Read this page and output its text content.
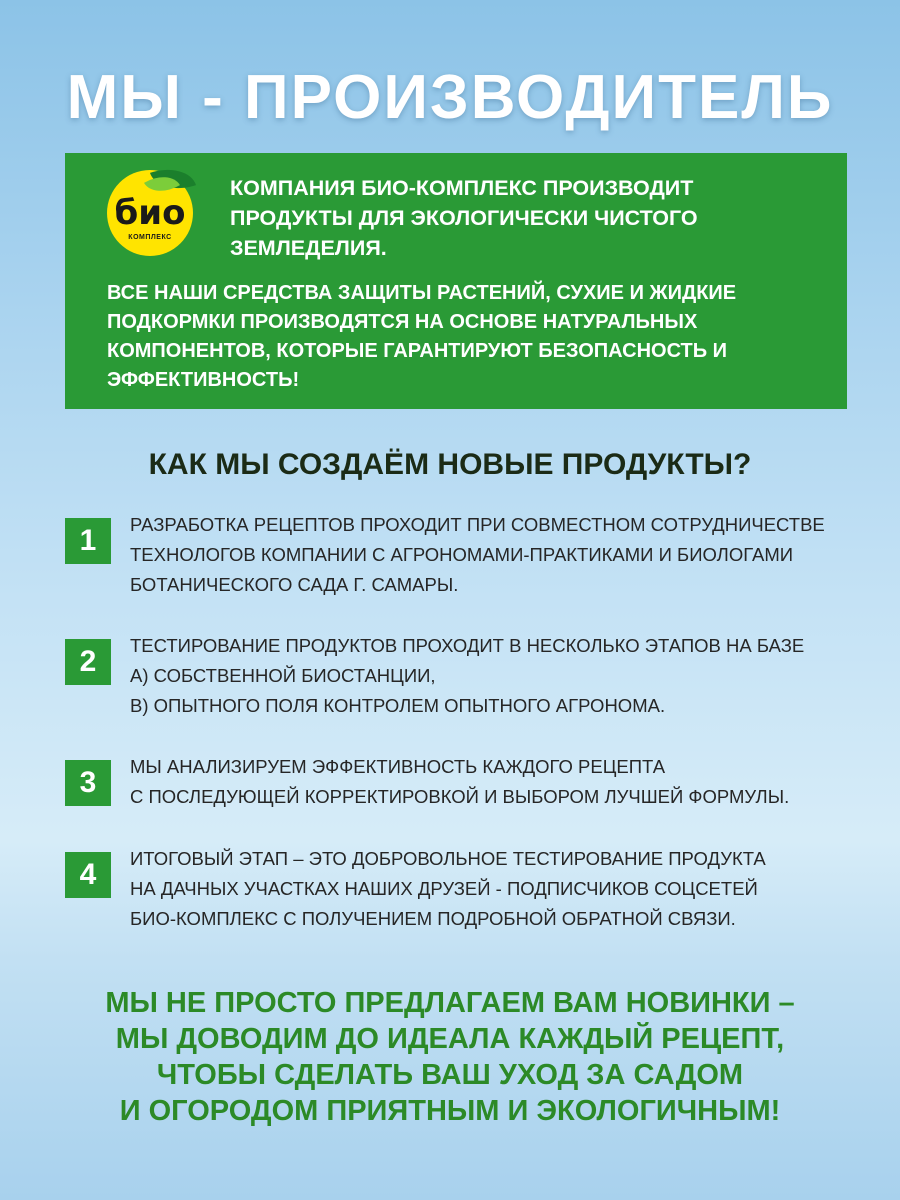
МЫ - ПРОИЗВОДИТЕЛЬ
био
КОМПЛЕКС
КОМПАНИЯ БИО-КОМПЛЕКС ПРОИЗВОДИТ
ПРОДУКТЫ ДЛЯ ЭКОЛОГИЧЕСКИ ЧИСТОГО
ЗЕМЛЕДЕЛИЯ.
ВСЕ НАШИ СРЕДСТВА ЗАЩИТЫ РАСТЕНИЙ, СУХИЕ И ЖИДКИЕ
ПОДКОРМКИ ПРОИЗВОДЯТСЯ НА ОСНОВЕ НАТУРАЛЬНЫХ
КОМПОНЕНТОВ, КОТОРЫЕ ГАРАНТИРУЮТ БЕЗОПАСНОСТЬ И
ЭФФЕКТИВНОСТЬ!
КАК МЫ СОЗДАЁМ НОВЫЕ ПРОДУКТЫ?
1	РАЗРАБОТКА РЕЦЕПТОВ ПРОХОДИТ ПРИ СОВМЕСТНОМ СОТРУДНИЧЕСТВЕ
ТЕХНОЛОГОВ КОМПАНИИ С АГРОНОМАМИ-ПРАКТИКАМИ И БИОЛОГАМИ
БОТАНИЧЕСКОГО САДА Г. САМАРЫ.
2	ТЕСТИРОВАНИЕ ПРОДУКТОВ ПРОХОДИТ В НЕСКОЛЬКО ЭТАПОВ НА БАЗЕ
А) СОБСТВЕННОЙ БИОСТАНЦИИ,
В) ОПЫТНОГО ПОЛЯ КОНТРОЛЕМ ОПЫТНОГО АГРОНОМА.
3	МЫ АНАЛИЗИРУЕМ ЭФФЕКТИВНОСТЬ КАЖДОГО РЕЦЕПТА
С ПОСЛЕДУЮЩЕЙ КОРРЕКТИРОВКОЙ И ВЫБОРОМ ЛУЧШЕЙ ФОРМУЛЫ.
4	ИТОГОВЫЙ ЭТАП – ЭТО ДОБРОВОЛЬНОЕ ТЕСТИРОВАНИЕ ПРОДУКТА
НА ДАЧНЫХ УЧАСТКАХ НАШИХ ДРУЗЕЙ - ПОДПИСЧИКОВ СОЦСЕТЕЙ
БИО-КОМПЛЕКС С ПОЛУЧЕНИЕМ ПОДРОБНОЙ ОБРАТНОЙ СВЯЗИ.
МЫ НЕ ПРОСТО ПРЕДЛАГАЕМ ВАМ НОВИНКИ –
МЫ ДОВОДИМ ДО ИДЕАЛА КАЖДЫЙ РЕЦЕПТ,
ЧТОБЫ СДЕЛАТЬ ВАШ УХОД ЗА САДОМ
И ОГОРОДОМ ПРИЯТНЫМ И ЭКОЛОГИЧНЫМ!
